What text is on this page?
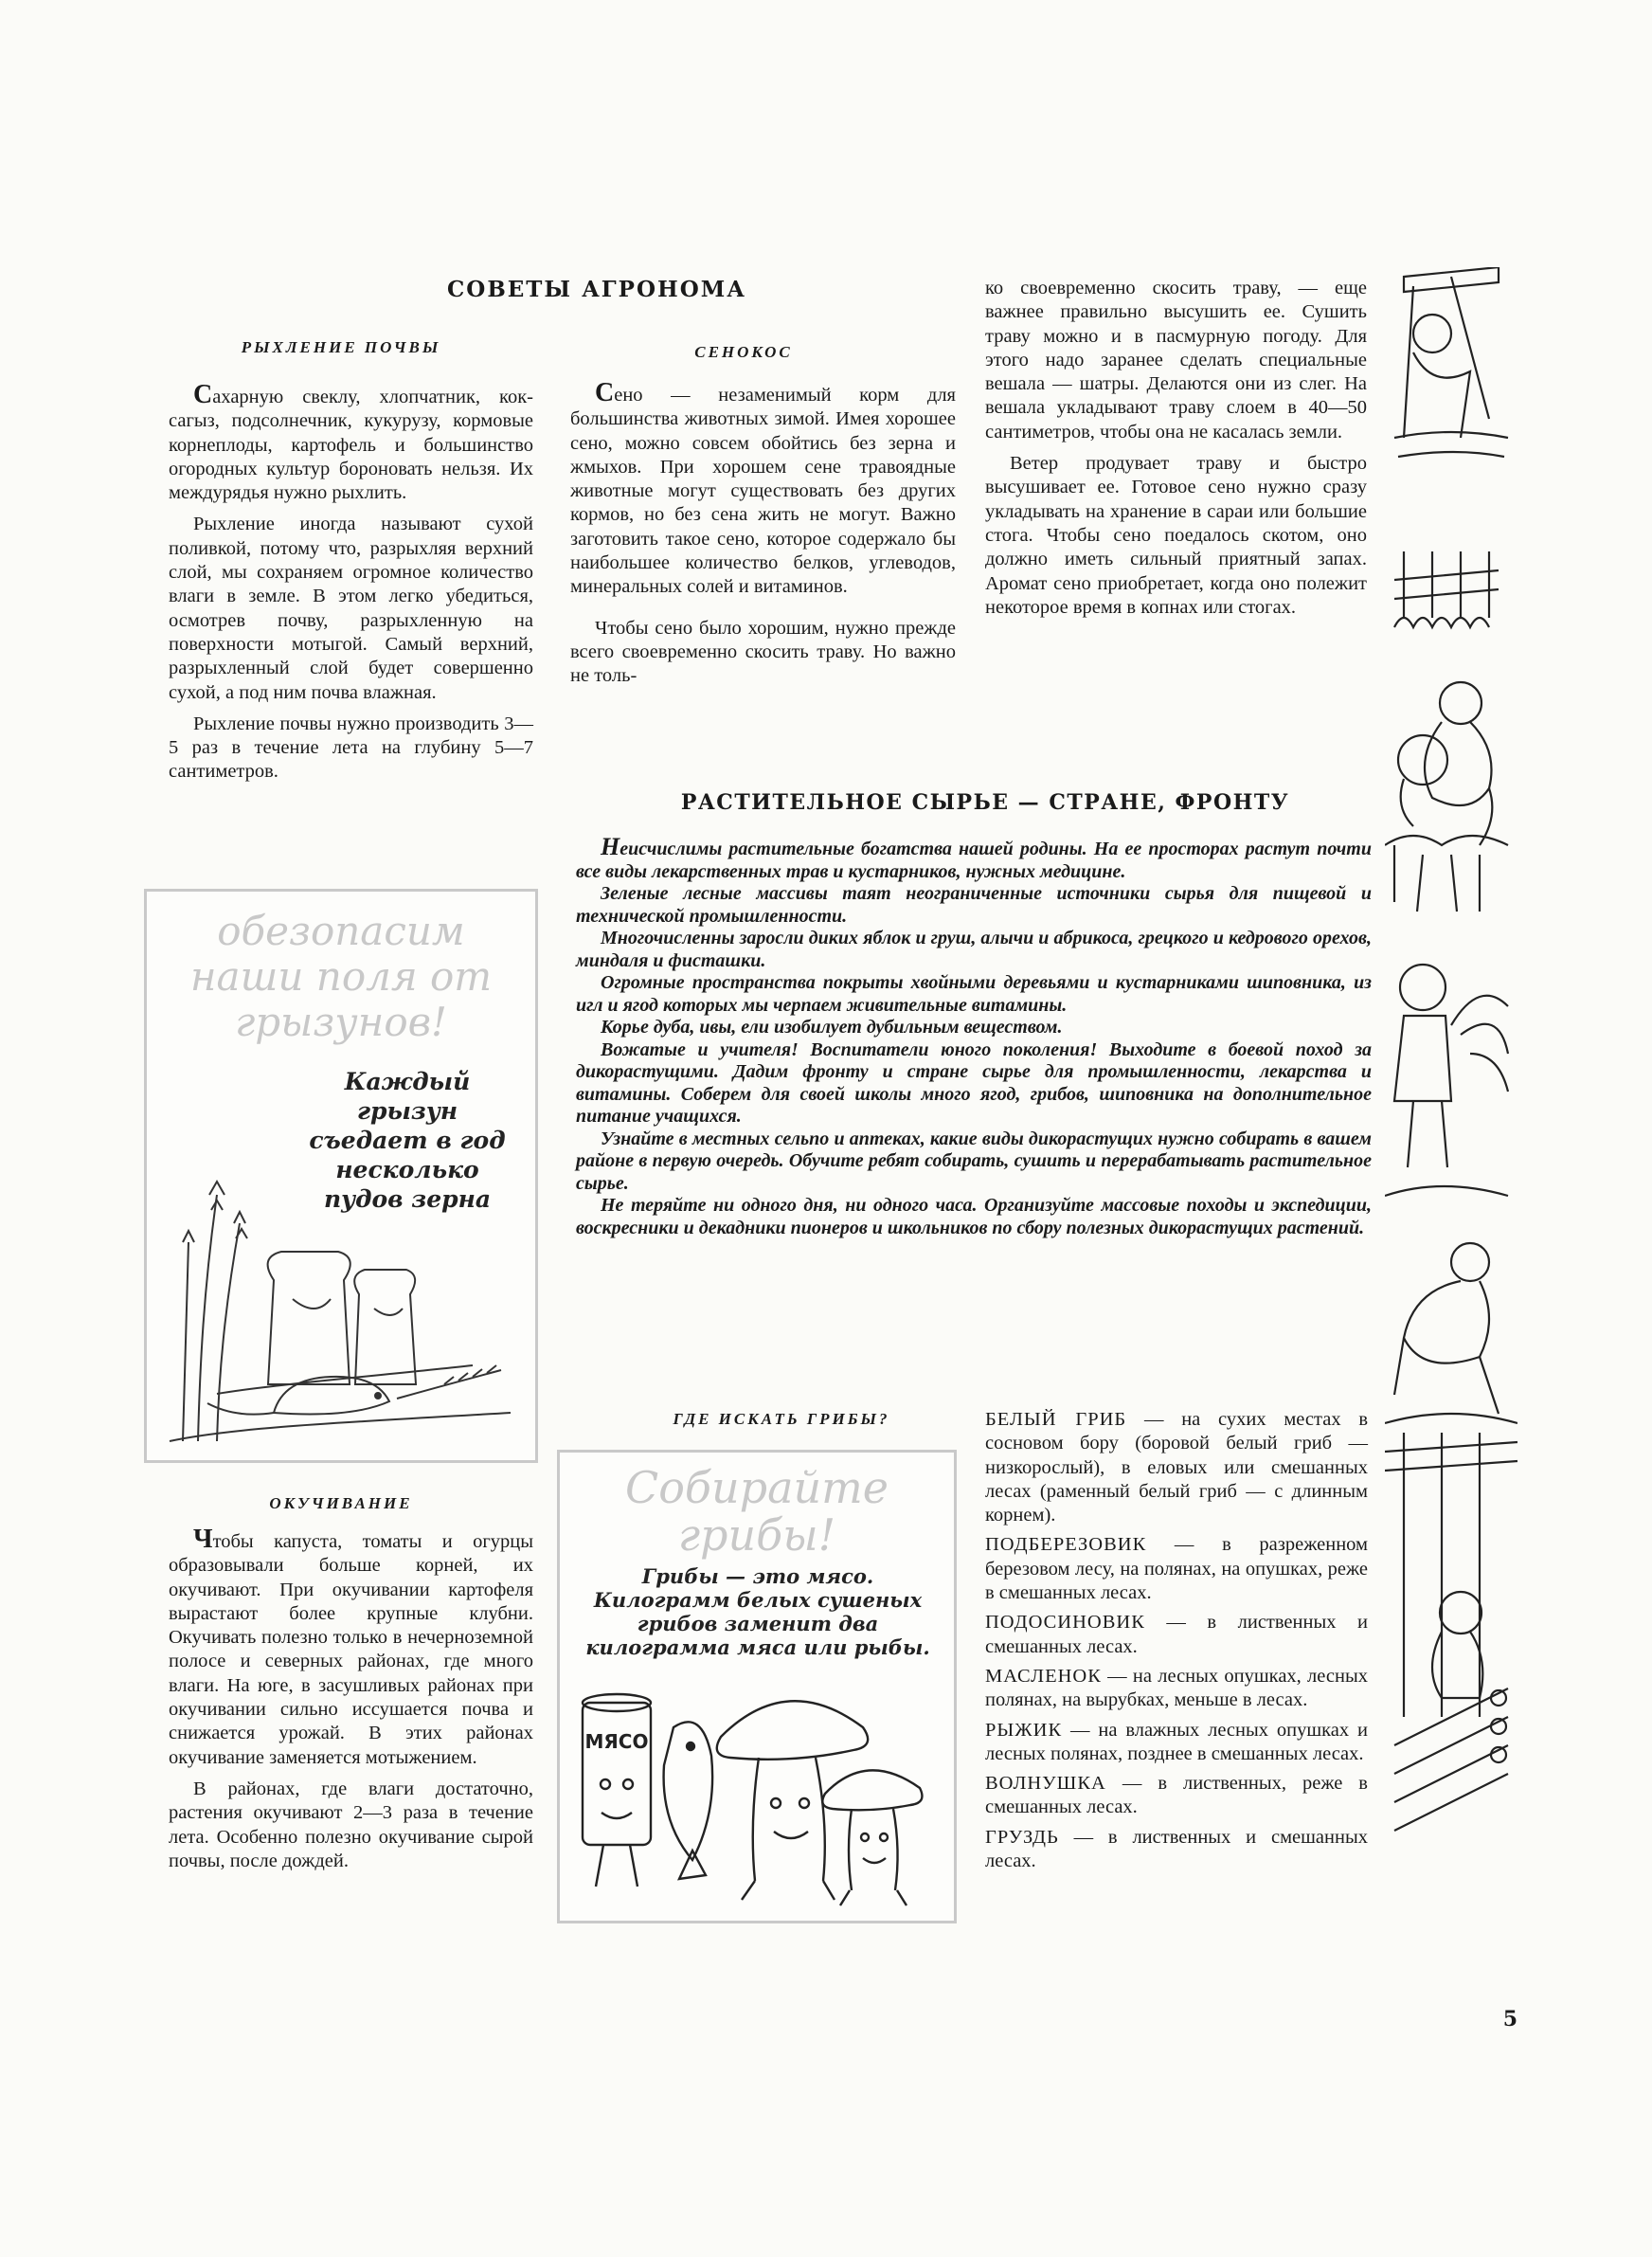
СОВЕТЫ АГРОНОМА
РЫХЛЕНИЕ ПОЧВЫ

Сахарную свеклу, хлопчатник, кок-сагыз, подсолнечник, кукурузу, кормовые корнеплоды, картофель и большинство огородных культур бороновать нельзя. Их междурядья нужно рыхлить.

Рыхление иногда называют сухой поливкой, потому что, разрыхляя верхний слой, мы сохраняем огромное количество влаги в земле. В этом легко убедиться, осмотрев почву, разрыхленную на поверхности мотыгой. Самый верхний, разрыхленный слой будет совершенно сухой, а под ним почва влажная.

Рыхление почвы нужно производить 3—5 раз в течение лета на глубину 5—7 сантиметров.

СЕНОКОС

Сено — незаменимый корм для большинства животных зимой. Имея хорошее сено, можно совсем обойтись без зерна и жмыхов. При хорошем сене травоядные животные могут существовать без других кормов, но без сена жить не могут. Важно заготовить такое сено, которое содержало бы наибольшее количество белков, углеводов, минеральных солей и витаминов.

Чтобы сено было хорошим, нужно прежде всего своевременно скосить траву. Но важно не толь-

ко своевременно скосить траву, — еще важнее правильно высушить ее. Сушить траву можно и в пасмурную погоду. Для этого надо заранее сделать специальные вешала — шатры. Делаются они из слег. На вешала укладывают траву слоем в 40—50 сантиметров, чтобы она не касалась земли.

Ветер продувает траву и быстро высушивает ее. Готовое сено нужно сразу укладывать на хранение в сараи или большие стога. Чтобы сено поедалось скотом, оно должно иметь сильный приятный запах. Аромат сено приобретает, когда оно полежит некоторое время в копнах или стогах.

РАСТИТЕЛЬНОЕ СЫРЬЕ — СТРАНЕ, ФРОНТУ

Неисчислимы растительные богатства нашей родины. На ее просторах растут почти все виды лекарственных трав и кустарников, нужных медицине.

Зеленые лесные массивы таят неограниченные источники сырья для пищевой и технической промышленности.

Многочисленны заросли диких яблок и груш, алычи и абрикоса, грецкого и кедрового орехов, миндаля и фисташки.

Огромные пространства покрыты хвойными деревьями и кустарниками шиповника, из игл и ягод которых мы черпаем живительные витамины.

Корье дуба, ивы, ели изобилует дубильным веществом.

Вожатые и учителя! Воспитатели юного поколения! Выходите в боевой поход за дикорастущими. Дадим фронту и стране сырье для промышленности, лекарства и витамины. Соберем для своей школы много ягод, грибов, шиповника на дополнительное питание учащихся.

Узнайте в местных сельпо и аптеках, какие виды дикорастущих нужно собирать в вашем районе в первую очередь. Обучите ребят собирать, сушить и перерабатывать растительное сырье.

Не теряйте ни одного дня, ни одного часа. Организуйте массовые походы и экспедиции, воскресники и декадники пионеров и школьников по сбору полезных дикорастущих растений.

обезопасим наши поля от грызунов!
Каждый грызун съедает в год несколько пудов зерна
ОКУЧИВАНИЕ

Чтобы капуста, томаты и огурцы образовывали больше корней, их окучивают. При окучивании картофеля вырастают более крупные клубни. Окучивать полезно только в нечерноземной полосе и северных районах, где много влаги. На юге, в засушливых районах при окучивании сильно иссушается почва и снижается урожай. В этих районах окучивание заменяется мотыжением.

В районах, где влаги достаточно, растения окучивают 2—3 раза в течение лета. Особенно полезно окучивание сырой почвы, после дождей.

ГДЕ ИСКАТЬ ГРИБЫ?
Собирайте грибы!
Грибы — это мясо. Килограмм белых сушеных грибов заменит два килограмма мяса или рыбы.
МЯСО

БЕЛЫЙ ГРИБ — на сухих местах в сосновом бору (боровой белый гриб — низкорослый), в еловых или смешанных лесах (раменный белый гриб — с длинным корнем).

ПОДБЕРЕЗОВИК — в разреженном березовом лесу, на полянах, на опушках, реже в смешанных лесах.

ПОДОСИНОВИК — в лиственных и смешанных лесах.

МАСЛЕНОК — на лесных опушках, лесных полянах, на вырубках, меньше в лесах.

РЫЖИК — на влажных лесных опушках и лесных полянах, позднее в смешанных лесах.

ВОЛНУШКА — в лиственных, реже в смешанных лесах.

ГРУЗДЬ — в лиственных и смешанных лесах.

5
